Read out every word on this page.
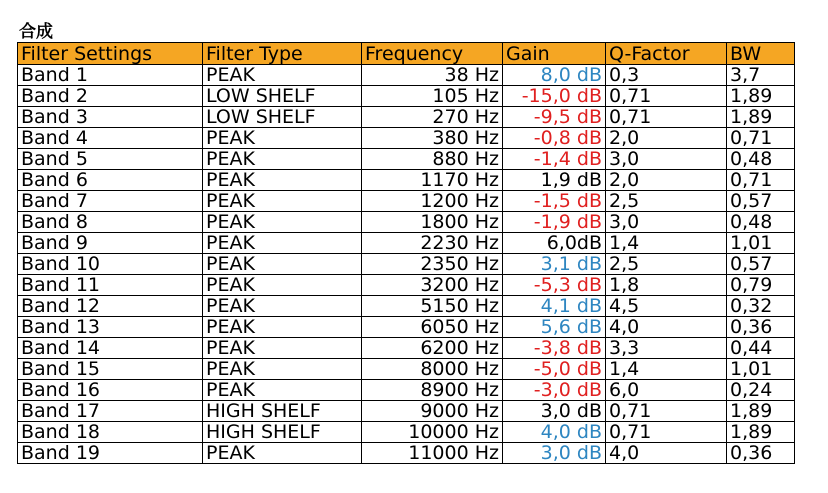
合成
Filter Settings	Filter Type	Frequency	Gain	Q-Factor	BW
Band 1	PEAK	38 Hz	8,0 dB	0,3	3,7
Band 2	LOW SHELF	105 Hz	-15,0 dB	0,71	1,89
Band 3	LOW SHELF	270 Hz	-9,5 dB	0,71	1,89
Band 4	PEAK	380 Hz	-0,8 dB	2,0	0,71
Band 5	PEAK	880 Hz	-1,4 dB	3,0	0,48
Band 6	PEAK	1170 Hz	1,9 dB	2,0	0,71
Band 7	PEAK	1200 Hz	-1,5 dB	2,5	0,57
Band 8	PEAK	1800 Hz	-1,9 dB	3,0	0,48
Band 9	PEAK	2230 Hz	6,0dB	1,4	1,01
Band 10	PEAK	2350 Hz	3,1 dB	2,5	0,57
Band 11	PEAK	3200 Hz	-5,3 dB	1,8	0,79
Band 12	PEAK	5150 Hz	4,1 dB	4,5	0,32
Band 13	PEAK	6050 Hz	5,6 dB	4,0	0,36
Band 14	PEAK	6200 Hz	-3,8 dB	3,3	0,44
Band 15	PEAK	8000 Hz	-5,0 dB	1,4	1,01
Band 16	PEAK	8900 Hz	-3,0 dB	6,0	0,24
Band 17	HIGH SHELF	9000 Hz	3,0 dB	0,71	1,89
Band 18	HIGH SHELF	10000 Hz	4,0 dB	0,71	1,89
Band 19	PEAK	11000 Hz	3,0 dB	4,0	0,36
